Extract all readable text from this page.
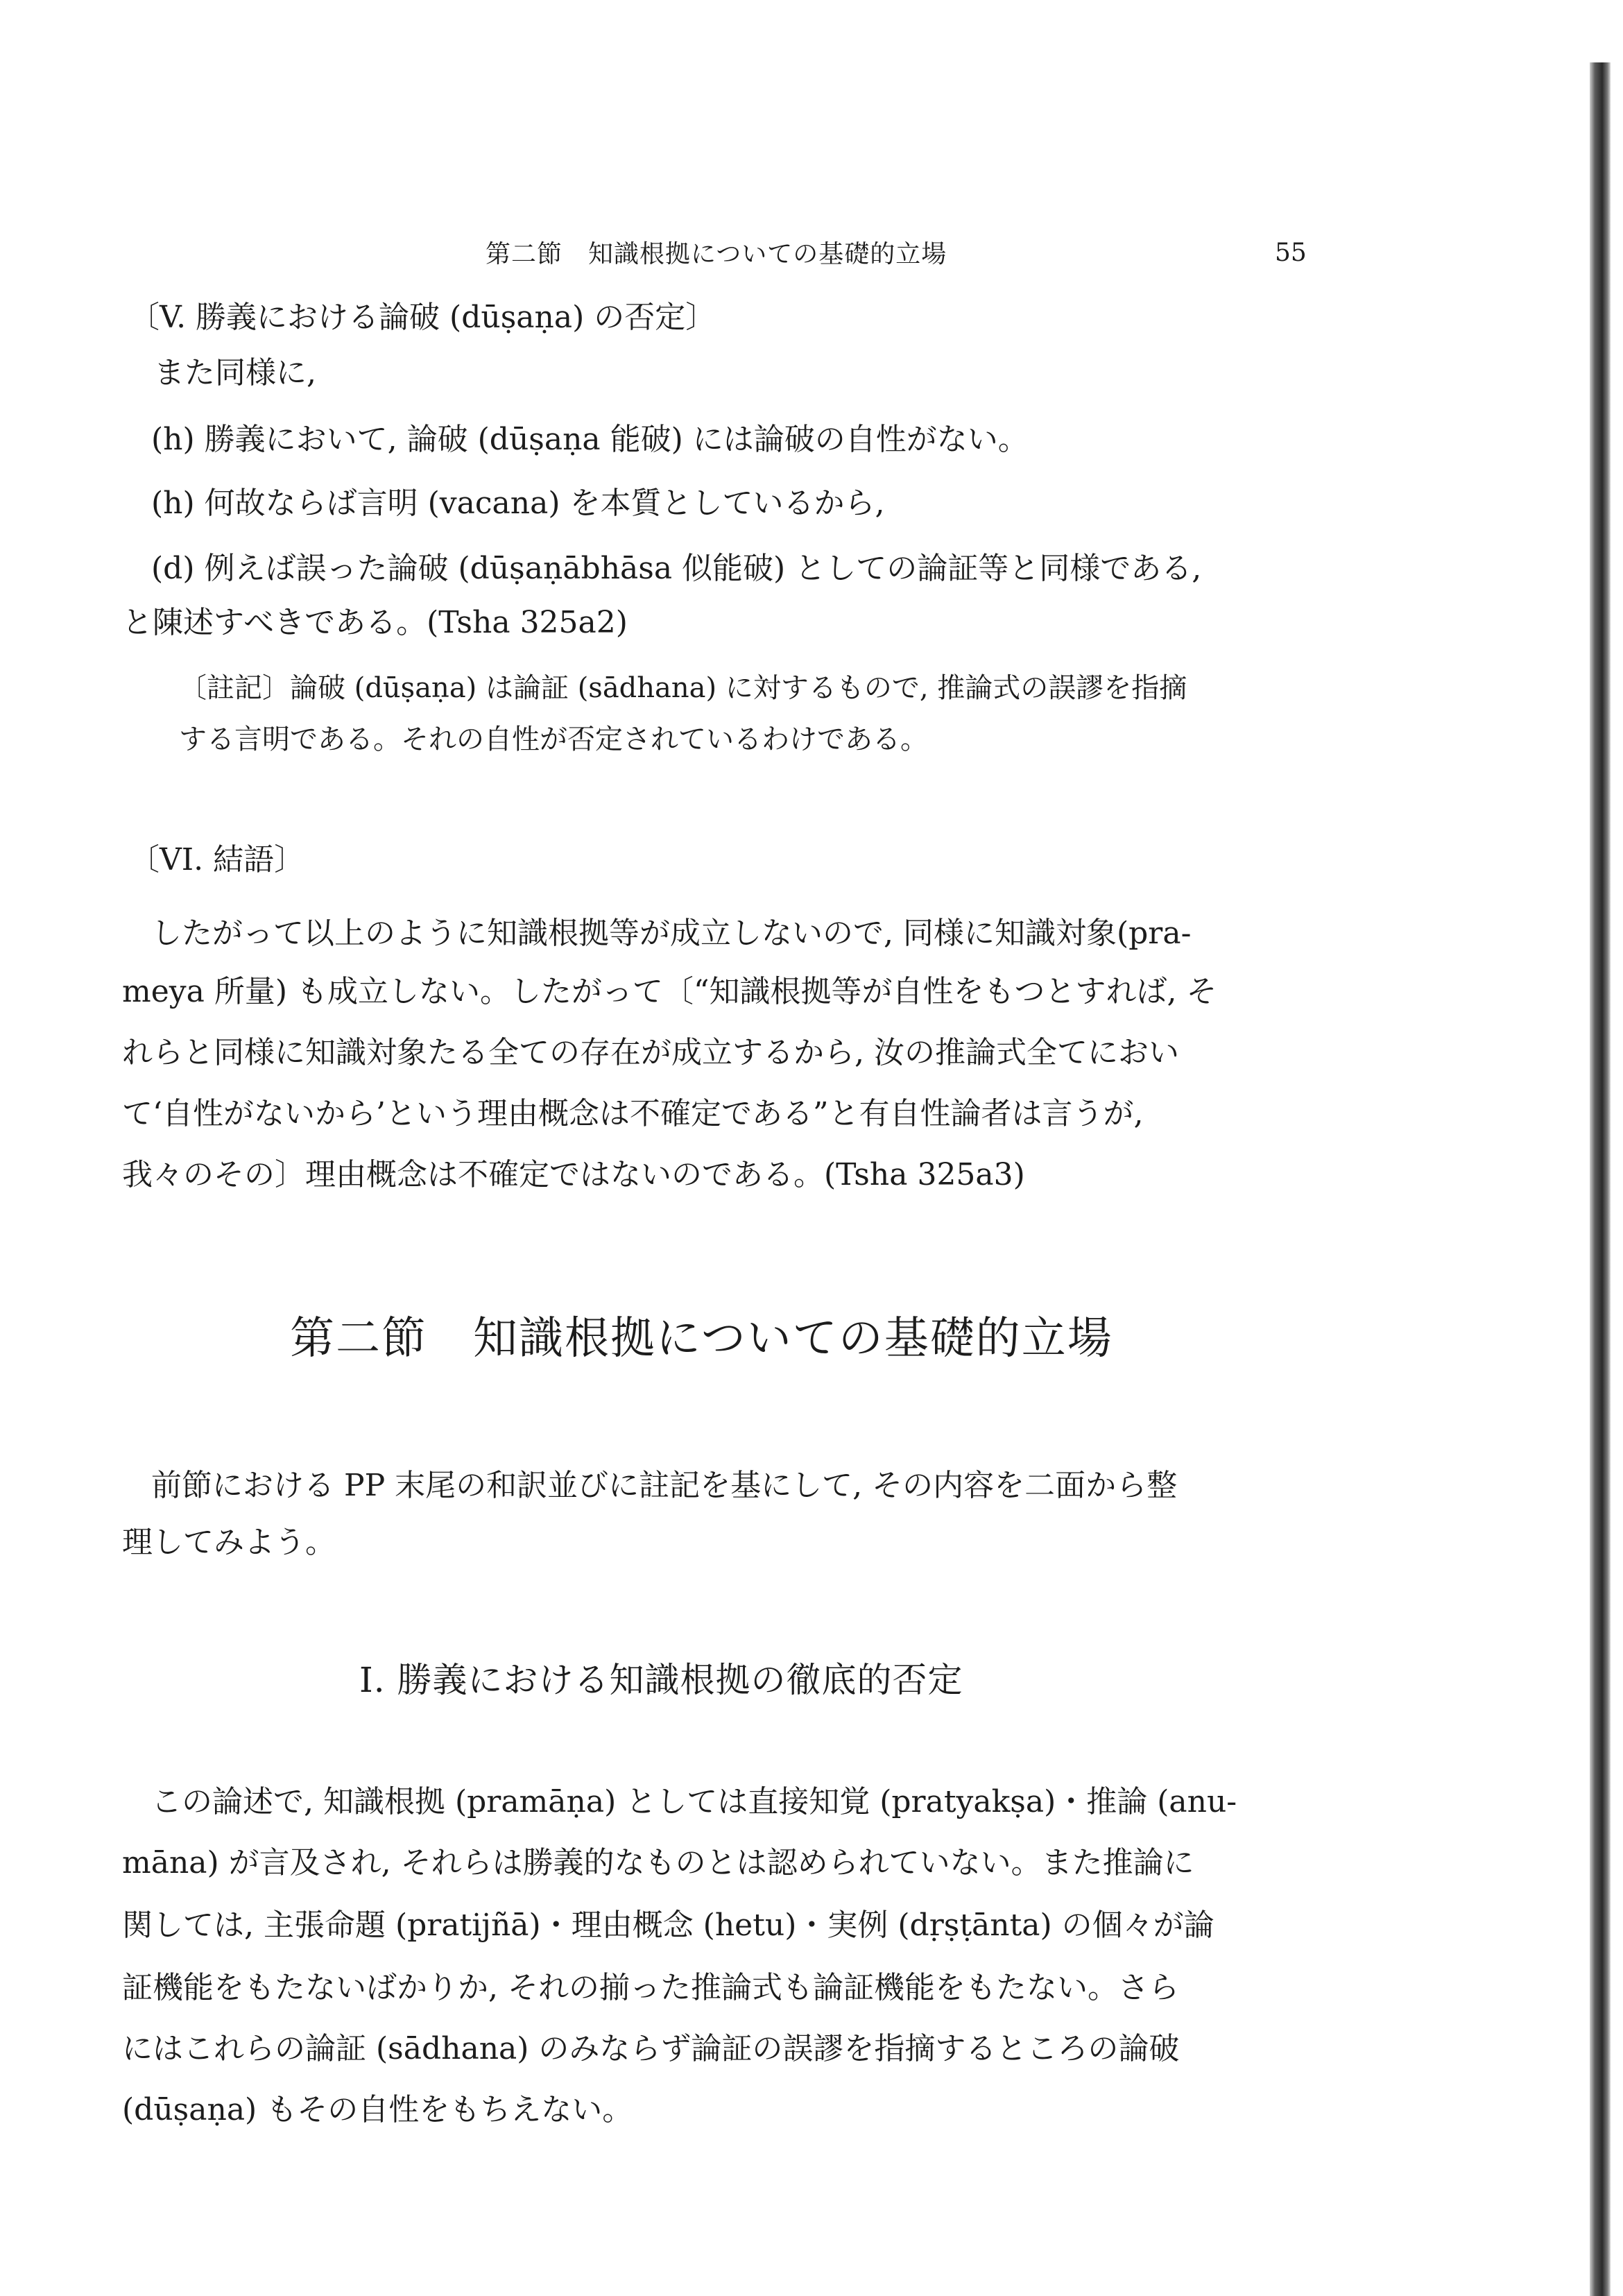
第二節　知識根拠についての基礎的立場	55
〔V. 勝義における論破 (dūṣaṇa) の否定〕
また同様に,
(h) 勝義において, 論破 (dūṣaṇa 能破) には論破の自性がない。
(h) 何故ならば言明 (vacana) を本質としているから,
(d) 例えば誤った論破 (dūṣaṇābhāsa 似能破) としての論証等と同様である,
と陳述すべきである。(Tsha 325a2)
〔註記〕論破 (dūṣaṇa) は論証 (sādhana) に対するもので, 推論式の誤謬を指摘
する言明である。それの自性が否定されているわけである。
〔VI. 結語〕
したがって以上のように知識根拠等が成立しないので, 同様に知識対象(pra-
meya 所量) も成立しない。したがって〔“知識根拠等が自性をもつとすれば, そ
れらと同様に知識対象たる全ての存在が成立するから, 汝の推論式全てにおい
て‘自性がないから’という理由概念は不確定である”と有自性論者は言うが,
我々のその〕理由概念は不確定ではないのである。(Tsha 325a3)
第二節　知識根拠についての基礎的立場
前節における PP 末尾の和訳並びに註記を基にして, その内容を二面から整
理してみよう。
I. 勝義における知識根拠の徹底的否定
この論述で, 知識根拠 (pramāṇa) としては直接知覚 (pratyakṣa)・推論 (anu-
māna) が言及され, それらは勝義的なものとは認められていない。また推論に
関しては, 主張命題 (pratijñā)・理由概念 (hetu)・実例 (dṛṣṭānta) の個々が論
証機能をもたないばかりか, それの揃った推論式も論証機能をもたない。さら
にはこれらの論証 (sādhana) のみならず論証の誤謬を指摘するところの論破
(dūṣaṇa) もその自性をもちえない。
